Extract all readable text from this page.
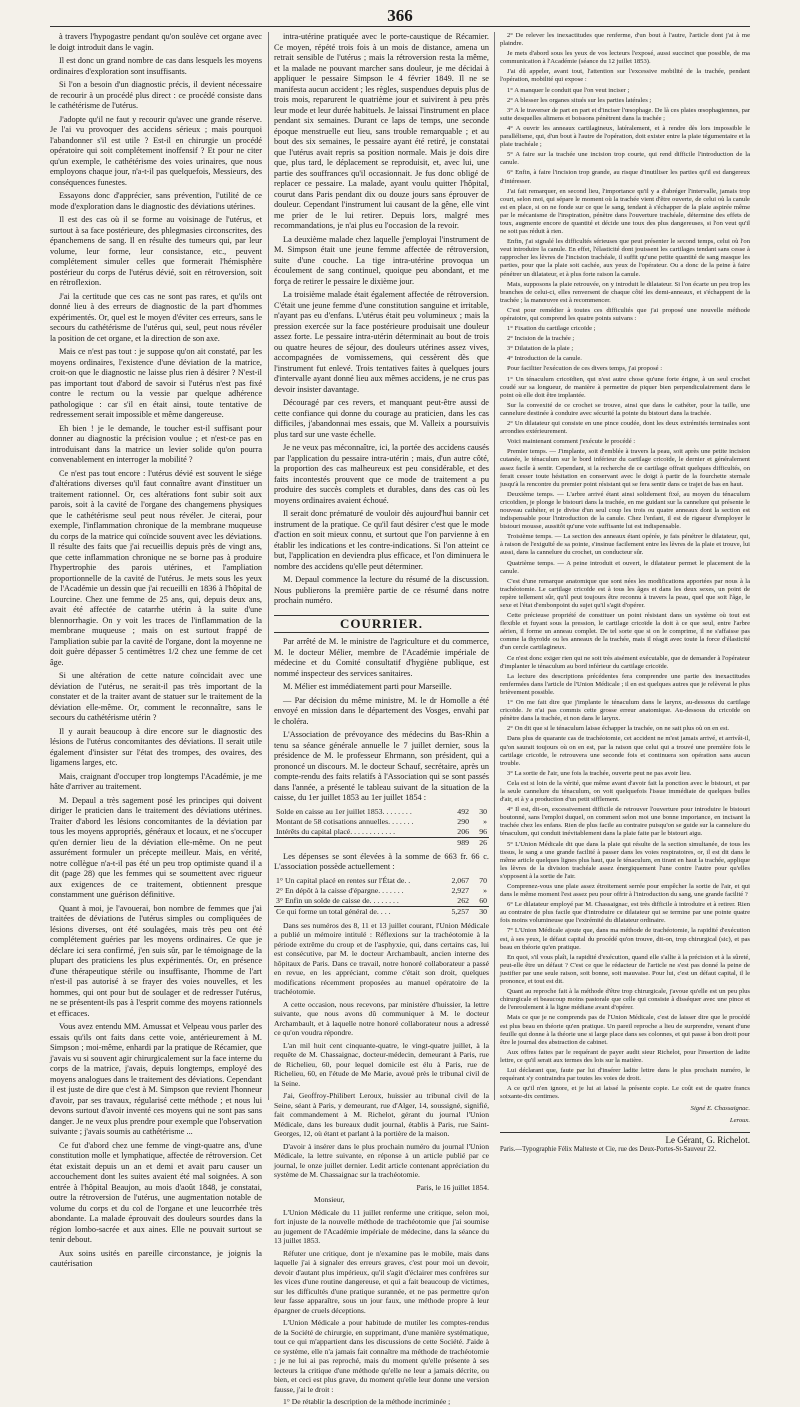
366

à travers l'hypogastre pendant qu'on soulève cet organe avec le doigt introduit dans le vagin.

Il est donc un grand nombre de cas dans lesquels les moyens ordinaires d'exploration sont insuffisants.

Si l'on a besoin d'un diagnostic précis, il devient nécessaire de recourir à un procédé plus direct : ce procédé consiste dans le cathétérisme de l'utérus.

J'adopte qu'il ne faut y recourir qu'avec une grande réserve. Je l'ai vu provoquer des accidens sérieux ; mais pourquoi l'abandonner s'il est utile ? Est-il en chirurgie un procédé opératoire qui soit complétement inoffensif ? Et pour ne citer qu'un exemple, le cathétérisme des voies urinaires, que nous employons chaque jour, n'a-t-il pas quelquefois, Messieurs, des conséquences funestes.

Essayons donc d'apprécier, sans prévention, l'utilité de ce mode d'exploration dans le diagnostic des déviations utérines.

Il est des cas où il se forme au voisinage de l'utérus, et surtout à sa face postérieure, des phlegmasies circonscrites, des épanchemens de sang. Il en résulte des tumeurs qui, par leur volume, leur forme, leur consistance, etc., peuvent complétement simuler celles que formerait l'hémisphère postérieur du corps de l'utérus dévié, soit en rétroversion, soit en rétroflexion.

J'ai la certitude que ces cas ne sont pas rares, et qu'ils ont donné lieu à des erreurs de diagnostic de la part d'hommes expérimentés. Or, quel est le moyen d'éviter ces erreurs, sans le secours du cathétérisme de l'utérus qui, seul, peut nous révéler la position de cet organe, et la direction de son axe.

Mais ce n'est pas tout : je suppose qu'on ait constaté, par les moyens ordinaires, l'existence d'une déviation de la matrice, croit-on que le diagnostic ne laisse plus rien à désirer ? N'est-il pas important tout d'abord de savoir si l'utérus n'est pas fixé contre le rectum ou la vessie par quelque adhérence pathologique : car s'il en était ainsi, toute tentative de redressement serait impossible et même dangereuse.

Eh bien ! je le demande, le toucher est-il suffisant pour donner au diagnostic la précision voulue ; et n'est-ce pas en introduisant dans la matrice un levier solide qu'on pourra convenablement en interroger la mobilité ?

Ce n'est pas tout encore : l'utérus dévié est souvent le siége d'altérations diverses qu'il faut connaître avant d'instituer un traitement rationnel. Or, ces altérations font subir soit aux parois, soit à la cavité de l'organe des changemens physiques que le cathétérisme seul peut nous révéler. Je citerai, pour exemple, l'inflammation chronique de la membrane muqueuse du corps de la matrice qui coïncide souvent avec les déviations. Il résulte des faits que j'ai recueillis depuis près de vingt ans, que cette inflammation chronique ne se borne pas à produire l'hypertrophie des parois utérines, et l'ampliation proportionnelle de la cavité de l'utérus. Je mets sous les yeux de l'Académie un dessin que j'ai recueilli en 1836 à l'hôpital de Lourcine. Chez une femme de 25 ans, qui, depuis deux ans, avait été affectée de catarrhe utérin à la suite d'une blennorrhagie. On y voit les traces de l'inflammation de la membrane muqueuse ; mais on est surtout frappé de l'ampliation subie par la cavité de l'organe, dont la moyenne ne doit guère dépasser 5 centimètres 1/2 chez une femme de cet âge.

Si une altération de cette nature coïncidait avec une déviation de l'utérus, ne serait-il pas très important de la constater et de la traiter avant de statuer sur le traitement de la déviation elle-même. Or, comment le reconnaître, sans le secours du cathétérisme utérin ?

Il y aurait beaucoup à dire encore sur le diagnostic des lésions de l'utérus concomitantes des déviations. Il serait utile également d'insister sur l'état des trompes, des ovaires, des ligamens larges, etc.

Mais, craignant d'occuper trop longtemps l'Académie, je me hâte d'arriver au traitement.

M. Depaul a très sagement posé les principes qui doivent diriger le praticien dans le traitement des déviations utérines. Traiter d'abord les lésions concomitantes de la déviation par tous les moyens appropriés, généraux et locaux, et ne s'occuper qu'en dernier lieu de la déviation elle-même. On ne peut assurément formuler un précepte meilleur. Mais, en vérité, notre collègue n'a-t-il pas été un peu trop optimiste quand il a dit (page 28) que les femmes qui se soumettent avec rigueur aux exigences de ce traitement, obtiennent presque constamment une guérison définitive.

Quant à moi, je l'avouerai, bon nombre de femmes que j'ai traitées de déviations de l'utérus simples ou compliquées de lésions diverses, ont été soulagées, mais très peu ont été complétement guéries par les moyens ordinaires. Ce que je déclare ici sera confirmé, j'en suis sûr, par le témoignage de la plupart des praticiens les plus expérimentés. Or, en présence d'une thérapeutique stérile ou insuffisante, l'homme de l'art n'est-il pas autorisé à se frayer des voies nouvelles, et les hommes, qui ont pour but de soulager et de redresser l'utérus, ne se présentent-ils pas à l'esprit comme des moyens rationnels et efficaces.

Vous avez entendu MM. Amussat et Velpeau vous parler des essais qu'ils ont faits dans cette voie, antérieurement à M. Simpson ; moi-même, enhardi par la pratique de Récamier, que j'avais vu si souvent agir chirurgicalement sur la face interne du corps de la matrice, j'avais, depuis longtemps, employé des moyens analogues dans le traitement des déviations. Cependant il est juste de dire que c'est à M. Simpson que revient l'honneur d'avoir, par ses travaux, régularisé cette méthode ; et nous lui devons surtout d'avoir inventé ces moyens qui ne sont pas sans danger. Je ne veux plus prendre pour exemple que l'observation suivante ; j'avais soumis au cathétérisme ...

Ce fut d'abord chez une femme de vingt-quatre ans, d'une constitution molle et lymphatique, affectée de rétroversion. Cet état existait depuis un an et demi et avait paru causer un accouchement dont les suites avaient été mal soignées. A son entrée à l'hôpital Beaujon, au mois d'août 1848, je constatai, outre la rétroversion de l'utérus, une augmentation notable de volume du corps et du col de l'organe et une leucorrhée très abondante. La malade éprouvait des douleurs sourdes dans la région lombo-sacrée et aux aines. Elle ne pouvait surtout se tenir debout.

Aux soins usités en pareille circonstance, je joignis la cautérisation

intra-utérine pratiquée avec le porte-caustique de Récamier. Ce moyen, répété trois fois à un mois de distance, amena un retrait sensible de l'utérus ; mais la rétroversion resta la même, et la malade ne pouvant marcher sans douleur, je me décidai à appliquer le pessaire Simpson le 4 février 1849. Il ne se manifesta aucun accident ; les règles, suspendues depuis plus de trois mois, reparurent le quatrième jour et suivirent à peu près leur mode et leur durée habituels. Je laissai l'instrument en place pendant six semaines. Durant ce laps de temps, une seconde époque menstruelle eut lieu, sans trouble remarquable ; et au bout des six semaines, le pessaire ayant été retiré, je constatai que l'utérus avait repris sa position normale. Mais je dois dire que, plus tard, le déplacement se reproduisit, et, avec lui, une partie des souffrances qu'il occasionnait. Je fus donc obligé de replacer ce pessaire. La malade, ayant voulu quitter l'hôpital, courut dans Paris pendant dix ou douze jours sans éprouver de douleur. Cependant l'instrument lui causant de la gêne, elle vint me prier de le lui retirer. Depuis lors, malgré mes recommandations, je n'ai plus eu l'occasion de la revoir.

La deuxième malade chez laquelle j'employai l'instrument de M. Simpson était une jeune femme affectée de rétroversion, suite d'une couche. La tige intra-utérine provoqua un écoulement de sang continuel, quoique peu abondant, et me força de retirer le pessaire le dixième jour.

La troisième malade était également affectée de rétroversion. C'était une jeune femme d'une constitution sanguine et irritable, n'ayant pas eu d'enfans. L'utérus était peu volumineux ; mais la pression exercée sur la face postérieure produisait une douleur assez forte. Le pessaire intra-utérin déterminait au bout de trois ou quatre heures de séjour, des douleurs utérines assez vives, accompagnées de vomissemens, qui cessèrent dès que l'instrument fut enlevé. Trois tentatives faites à quelques jours d'intervalle ayant donné lieu aux mêmes accidens, je ne crus pas devoir insister davantage.

Découragé par ces revers, et manquant peut-être aussi de cette confiance qui donne du courage au praticien, dans les cas difficiles, j'abandonnai mes essais, que M. Valleix a poursuivis plus tard sur une vaste échelle.

Je ne veux pas méconnaître, ici, la portée des accidens causés par l'application du pessaire intra-utérin ; mais, d'un autre côté, la proportion des cas malheureux est peu considérable, et des faits incontestés prouvent que ce mode de traitement a pu produire des succès complets et durables, dans des cas où les moyens ordinaires avaient échoué.

Il serait donc prématuré de vouloir dès aujourd'hui bannir cet instrument de la pratique. Ce qu'il faut désirer c'est que le mode d'action en soit mieux connu, et surtout que l'on parvienne à en établir les indications et les contre-indications. Si l'on atteint ce but, l'application en deviendra plus efficace, et l'on diminuera le nombre des accidens qu'elle peut déterminer.

M. Depaul commence la lecture du résumé de la discussion. Nous publierons la première partie de ce résumé dans notre prochain numéro.

COURRIER.

Par arrêté de M. le ministre de l'agriculture et du commerce, M. le docteur Mélier, membre de l'Académie impériale de médecine et du Comité consultatif d'hygiène publique, est nommé inspecteur des services sanitaires.

M. Mélier est immédiatement parti pour Marseille.

— Par décision du même ministre, M. le dr Homolle a été envoyé en mission dans le département des Vosges, envahi par le choléra.

L'Association de prévoyance des médecins du Bas-Rhin a tenu sa séance générale annuelle le 7 juillet dernier, sous la présidence de M. le professeur Ehrmann, son président, qui a prononcé un discours. M. le docteur Schauf, secrétaire, après un compte-rendu des faits relatifs à l'Association qui se sont passés dans l'année, a présenté le tableau suivant de la situation de la caisse, du 1er juillet 1853 au 1er juillet 1854 :

Solde en caisse au 1er juillet 1853. . . . . . . .	492	30
Montant de 58 cotisations annuelles. . . . . . .	290	»
Intérêts du capital placé. . . . . . . . . . . .	206	96
	989	26

Les dépenses se sont élevées à la somme de 663 fr. 66 c. L'association possède actuellement :

1° Un capital placé en rentes sur l'État de. .	2,067	70
2° En dépôt à la caisse d'épargne. . . . . . .	2,927	»
3° Enfin un solde de caisse de. . . . . . . .	262	60
Ce qui forme un total général de. . . .	5,257	30

Dans ses numéros des 8, 11 et 13 juillet courant, l'Union Médicale a publié un mémoire intitulé : Réflexions sur la trachéotomie à la période extrême du croup et de l'asphyxie, qui, dans certains cas, lui est consécutive, par M. le docteur Archambault, ancien interne des hôpitaux de Paris. Dans ce travail, notre honoré collaborateur a passé en revue, en les appréciant, comme c'était son droit, quelques modifications récemment proposées au manuel opératoire de la trachéotomie.

A cette occasion, nous recevons, par ministère d'huissier, la lettre suivante, que nous avons dû communiquer à M. le docteur Archambault, et à laquelle notre honoré collaborateur nous a adressé ce qu'on voudra répondre.

L'an mil huit cent cinquante-quatre, le vingt-quatre juillet, à la requête de M. Chassaignac, docteur-médecin, demeurant à Paris, rue de Richelieu, 60, pour lequel domicile est élu à Paris, rue de Richelieu, 60, en l'étude de Me Marie, avoué près le tribunal civil de la Seine.

J'ai, Geoffroy-Philibert Leroux, huissier au tribunal civil de la Seine, séant à Paris, y demeurant, rue d'Alger, 14, soussigné, signifié, fait commandement à M. Richelot, gérant du journal l'Union Médicale, dans les bureaux dudit journal, établis à Paris, rue Saint-Georges, 12, où étant et parlant à la portière de la maison.

D'avoir à insérer dans le plus prochain numéro du journal l'Union Médicale, la lettre suivante, en réponse à un article publié par ce journal, le onze juillet dernier. Ledit article contenant appréciation du système de M. Chassaignac sur la trachéotomie.

Paris, le 16 juillet 1854.

Monsieur,

L'Union Médicale du 11 juillet renferme une critique, selon moi, fort injuste de la nouvelle méthode de trachéotomie que j'ai soumise au jugement de l'Académie impériale de médecine, dans la séance du 13 juillet 1853.

Réfuter une critique, dont je n'examine pas le mobile, mais dans laquelle j'ai à signaler des erreurs graves, c'est pour moi un devoir, devoir d'autant plus impérieux, qu'il s'agit d'éclairer mes confrères sur les vices d'une routine dangereuse, et qui a fait beaucoup de victimes, sur les difficultés d'une pratique surannée, et ne pas permettre qu'on leur fasse apparaître, sous un jour faux, une méthode propre à leur épargner de cruels déceptions.

L'Union Médicale a pour habitude de mutiler les comptes-rendus de la Société de chirurgie, en supprimant, d'une manière systématique, tout ce qui m'appartient dans les discussions de cette Société. J'aide à ce système, elle n'a jamais fait connaître ma méthode de trachéotomie ; je ne lui ai pas reproché, mais du moment qu'elle présente à ses lecteurs la critique d'une méthode qu'elle ne leur a jamais décrite, ou bien, et ceci est plus grave, du moment qu'elle leur donne une version fausse, j'ai le droit :

1° De rétablir la description de la méthode incriminée ;

2° De relever les inexactitudes que renferme, d'un bout à l'autre, l'article dont j'ai à me plaindre.

Je mets d'abord sous les yeux de vos lecteurs l'exposé, aussi succinct que possible, de ma communication à l'Académie (séance du 12 juillet 1853).

J'ai dû appeler, avant tout, l'attention sur l'excessive mobilité de la trachée, pendant l'opération, mobilité qui expose :

1° A manquer le conduit que l'on veut inciser ;

2° A blesser les organes situés sur les parties latérales ;

3° A le traverser de part en part et d'inciser l'œsophage. De là ces plaies œsophagiennes, par suite desquelles alimens et boissons pénètrent dans la trachée ;

4° A ouvrir les anneaux cartilagineux, latéralement, et à rendre dès lors impossible le parallélisme, qui, d'un bout à l'autre de l'opération, doit exister entre la plaie tégumentaire et la plaie trachéale ;

5° A faire sur la trachée une incision trop courte, qui rend difficile l'introduction de la canule.

6° Enfin, à faire l'incision trop grande, au risque d'inutiliser les parties qu'il est dangereux d'intéresser.

J'ai fait remarquer, en second lieu, l'importance qu'il y a d'abréger l'intervalle, jamais trop court, selon moi, qui sépare le moment où la trachée vient d'être ouverte, de celui où la canule est en place, si on ne fonde sur ce que le sang, tendant à s'échapper de la plaie aspirée même par le mécanisme de l'inspiration, pénètre dans l'ouverture trachéale, détermine des effets de toux, augmente encore de quantité et décide une toux des plus dangereuses, si l'on veut qu'il ne soit pas réduit à rien.

Enfin, j'ai signalé les difficultés sérieuses que peut présenter le second temps, celui où l'on veut introduire la canule. En effet, l'élasticité dont jouissent les cartilages tendant sans cesse à rapprocher les lèvres de l'incision trachéale, il suffit qu'une petite quantité de sang masque les parties, pour que la plaie soit cachée, aux yeux de l'opérateur. Ou a donc de la peine à faire pénétrer un dilatateur, et à plus forte raison la canule.

Mais, supposons la plaie retrouvée, on y introduit le dilatateur. Si l'on écarte un peu trop les branches de celui-ci, elles renversent de chaque côté les demi-anneaux, et s'échappent de la trachée ; la manœuvre est à recommencer.

C'est pour remédier à toutes ces difficultés que j'ai proposé une nouvelle méthode opératoire, qui comprend les quatre points suivans :

1° Fixation du cartilage cricoïde ;

2° Incision de la trachée ;

3° Dilatation de la plaie ;

4° Introduction de la canule.

Pour faciliter l'exécution de ces divers temps, j'ai proposé :

1° Un ténaculum cricoïdien, qui n'est autre chose qu'une forte érigne, à un seul crochet coudé sur sa longueur, de manière à permettre de piquer bien perpendiculairement dans le point où elle doit être implantée.

Sur la convexité de ce crochet se trouve, ainsi que dans le cathéter, pour la taille, une cannelure destinée à conduire avec sécurité la pointe du bistouri dans la trachée.

2° Un dilatateur qui consiste en une pince coudée, dont les deux extrémités terminales sont arrondies extérieurement.

Voici maintenant comment j'exécute le procédé :

Premier temps. — J'implante, soit d'emblée à travers la peau, soit après une petite incision cutanée, le ténaculum sur le bord inférieur du cartilage cricoïde, le dernier et généralement assez facile à sentir. Cependant, si la recherche de ce cartilage offrait quelques difficultés, on ferait cesser toute hésitation en conservant avec le doigt à partir de la fourchette sternale jusqu'à la rencontre du premier point résistant qui se fera sentir dans ce trajet de bas en haut.

Deuxième temps. — L'arbre arrivé étant ainsi solidement fixé, au moyen du ténaculum cricoïdien, je plonge le bistouri dans la trachée, en me guidant sur la cannelure qui présente le nouveau cathéter, et je divise d'un seul coup les trois ou quatre anneaux dont la section est indispensable pour l'introduction de la canule. Chez l'enfant, il est de rigueur d'employer le bistouri mousse, aussitôt qu'une voie suffisante lui est indispensable.

Troisième temps. — La section des anneaux étant opérée, je fais pénétrer le dilatateur, qui, à raison de l'exiguïté de sa pointe, s'insinue facilement entre les lèvres de la plaie et trouve, lui aussi, dans la cannelure du crochet, un conducteur sûr.

Quatrième temps. — A peine introduit et ouvert, le dilatateur permet le placement de la canule.

C'est d'une remarque anatomique que sont nées les modifications apportées par nous à la trachéotomie. Le cartilage cricoïde est à tous les âges et dans les deux sexes, un point de repère tellement sûr, qu'il peut toujours être reconnu à travers la peau, quel que soit l'âge, le sexe et l'état d'embonpoint du sujet qu'il s'agit d'opérer.

Cette précieuse propriété de constituer un point résistant dans un système où tout est flexible et fuyant sous la pression, le cartilage cricoïde la doit à ce que seul, entre l'arbre aérien, il forme un anneau complet. De tel sorte que si on le comprime, il ne s'affaisse pas comme la thyroïde ou les anneaux de la trachée, mais il réagit avec toute la force d'élasticité d'un cercle cartilagineux.

Ce n'est donc exiger rien qui ne soit très aisément exécutable, que de demander à l'opérateur d'implanter le ténaculum au bord inférieur du cartilage cricoïde.

La lecture des descriptions précédentes fera comprendre une partie des inexactitudes renfermées dans l'article de l'Union Médicale ; il en est quelques autres que je relèverai le plus brièvement possible.

1° On me fait dire que j'implante le ténaculum dans le larynx, au-dessous du cartilage cricoïde. Je n'ai pas commis cette grosse erreur anatomique. Au-dessous du cricoïde on pénètre dans la trachée, et non dans le larynx.

2° On dit que si le ténaculum laisse échapper la trachée, on ne sait plus où on en est.

Dans plus de quarante cas de trachéotomie, cet accident ne m'est jamais arrivé, et arrivât-il, qu'on saurait toujours où on en est, par la raison que celui qui a trouvé une première fois le cartilage cricoïde, le retrouvera une seconde fois et continuera son opération sans aucun trouble.

3° La sortie de l'air, une fois la trachée, ouverte peut ne pas avoir lieu.

Cela est si loin de la vérité, que même avant d'avoir fait la ponction avec le bistouri, et par la seule cannelure du ténaculum, on voit quelquefois l'issue immédiate de quelques bulles d'air, et à y a production d'un petit sifflement.

4° Il est, dit-on, excessivement difficile de retrouver l'ouverture pour introduire le bistouri boutonné, sans l'emploi duquel, on comment selon moi une bonne importance, en incisant la trachée chez les enfans. Rien de plus facile au contraire puisqu'on se guide sur la cannelure du ténaculum, qui conduit inévitablement dans la plaie faite par le bistouri aigu.

5° L'Union Médicale dit que dans la plaie qui résulte de la section simultanée, de tous les tissus, le sang a une grande facilité à passer dans les voies respiratoires, or, il est dit dans le même article quelques lignes plus haut, que le ténaculum, en tirant en haut la trachée, applique les lèvres de la division trachéale assez énergiquement l'une contre l'autre pour qu'elles s'opposent à la sortie de l'air.

Comprenez-vous une plaie assez étroitement serrée pour empêcher la sortie de l'air, et qui dans le même moment l'est assez peu pour offrir à l'introduction du sang, une grande facilité ?

6° Le dilatateur employé par M. Chassaignac, est très difficile à introduire et à retirer. Rien au contraire de plus facile que d'introduire ce dilatateur qui se termine par une pointe quatre fois moins volumineuse que l'extrémité du dilatateur ordinaire.

7° L'Union Médicale ajoute que, dans ma méthode de trachéotomie, la rapidité d'exécution est, à ses yeux, le défaut capital du procédé qu'on trouve, dit-on, trop chirurgical (sic), et pas beau en théorie qu'en pratique.

En quoi, s'il vous plaît, la rapidité d'exécution, quand elle s'allie à la précision et à la sûreté, peut-elle être un défaut ? C'est ce que le rédacteur de l'article ne s'est pas donné la peine de justifier par une seule raison, soit bonne, soit mauvaise. Pour lui, c'est un défaut capital, il le prononce, et tout est dit.

Quant au reproche fait à la méthode d'être trop chirurgicale, j'avoue qu'elle est un peu plus chirurgicale et beaucoup moins pastorale que celle qui consiste à disséquer avec une pince et de l'enroulement à la ligne médiane avant d'opérer.

Mais ce que je ne comprends pas de l'Union Médicale, c'est de laisser dire que le procédé est plus beau en théorie qu'en pratique. Un pareil reproche a lieu de surprendre, venant d'une feuille qui donne à la théorie une si large place dans ses colonnes, et qui passe à bon droit pour être le journal des abstraction de cabinet.

Aux offres faites par le requérant de payer audit sieur Richelot, pour l'insertion de ladite lettre, ce qu'il serait aux termes des lois sur la matière.

Lui déclarant que, faute par lui d'insérer ladite lettre dans le plus prochain numéro, le requérant s'y contraindra par toutes les voies de droit.

A ce qu'il n'en ignore, et je lui ai laissé la présente copie. Le coût est de quatre francs soixante-dix centimes.

Signé E. Chassaignac.
Leroux.
Le Gérant, G. Richelot.
Paris.—Typographie Félix Malteste et Cie, rue des Deux-Portes-St-Sauveur 22.
